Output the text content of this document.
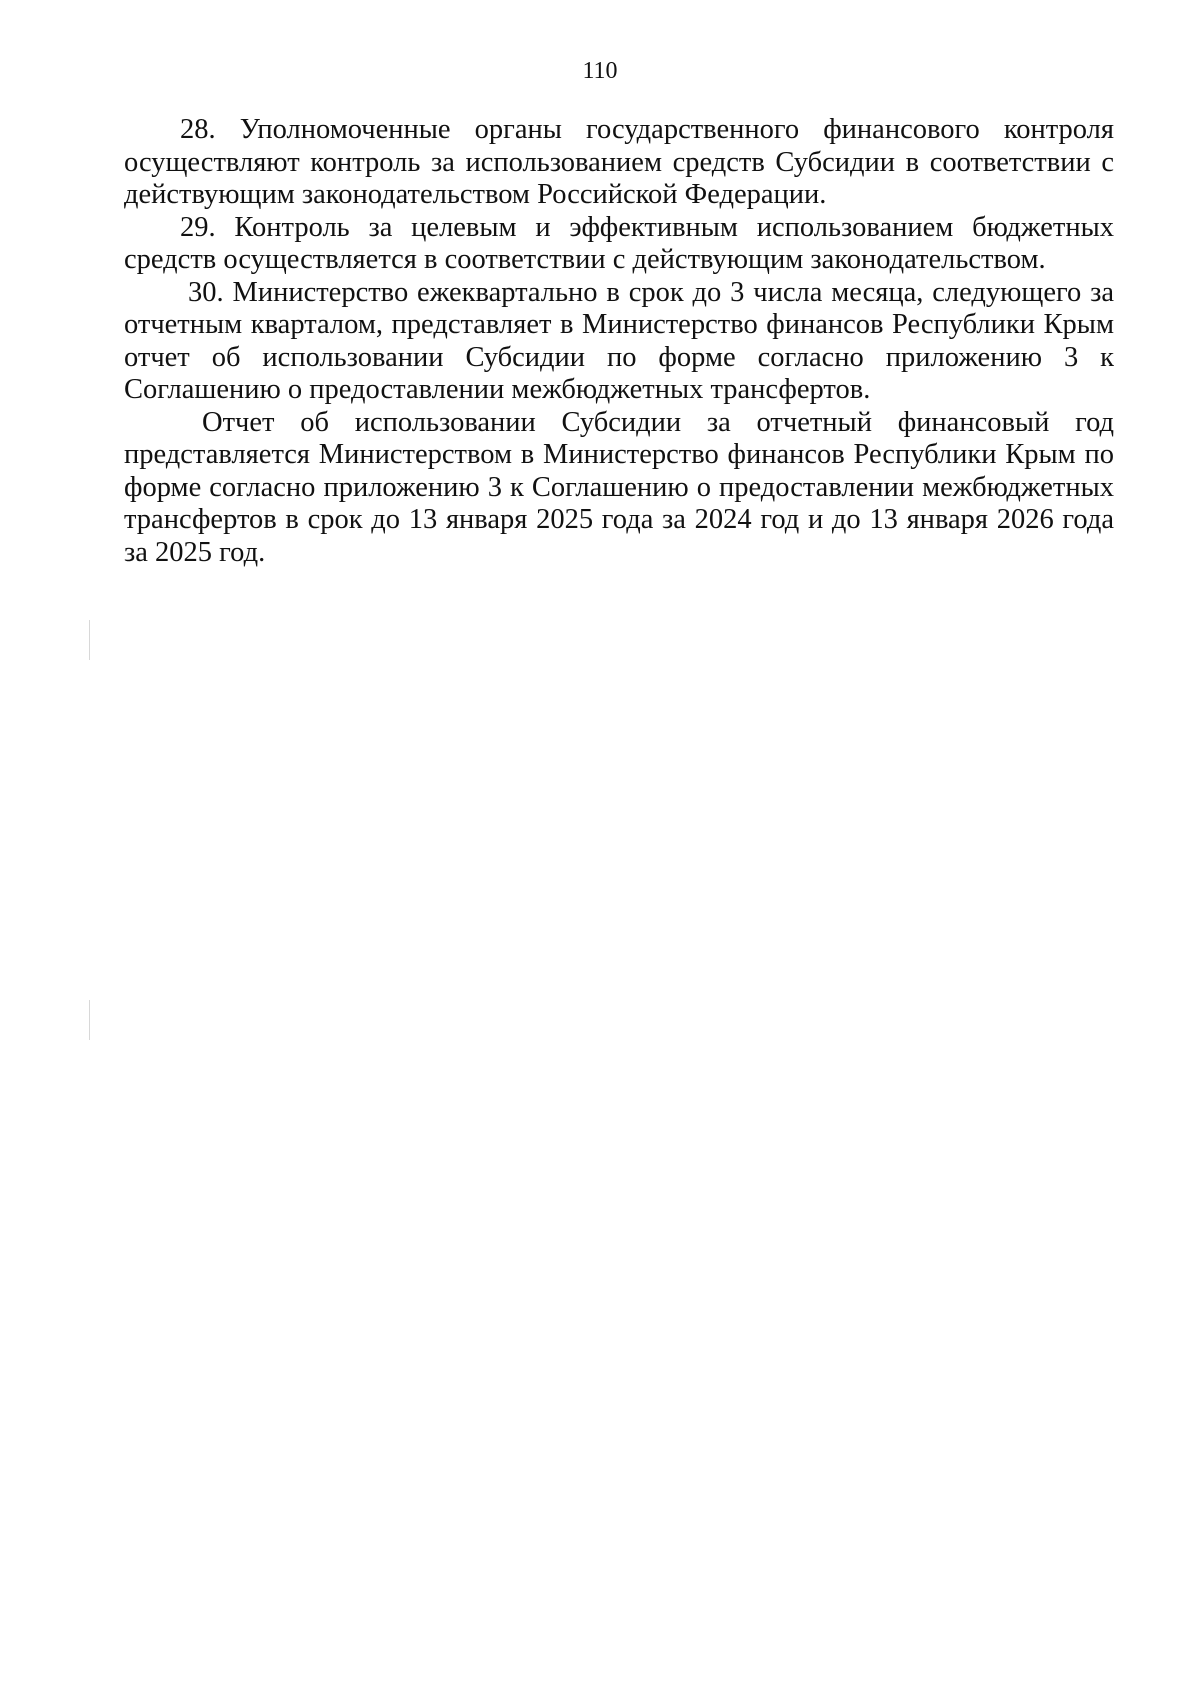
110

28. Уполномоченные органы государственного финансового контроля осуществляют контроль за использованием средств Субсидии в соответствии с действующим законодательством Российской Федерации.

29. Контроль за целевым и эффективным использованием бюджетных средств осуществляется в соответствии с действующим законодательством.

30. Министерство ежеквартально в срок до 3 числа месяца, следующего за отчетным кварталом, представляет в Министерство финансов Республики Крым отчет об использовании Субсидии по форме согласно приложению 3 к Соглашению о предоставлении межбюджетных трансфертов.

Отчет об использовании Субсидии за отчетный финансовый год представляется Министерством в Министерство финансов Республики Крым по форме согласно приложению 3 к Соглашению о предоставлении межбюджетных трансфертов в срок до 13 января 2025 года за 2024 год и до 13 января 2026 года за 2025 год.
